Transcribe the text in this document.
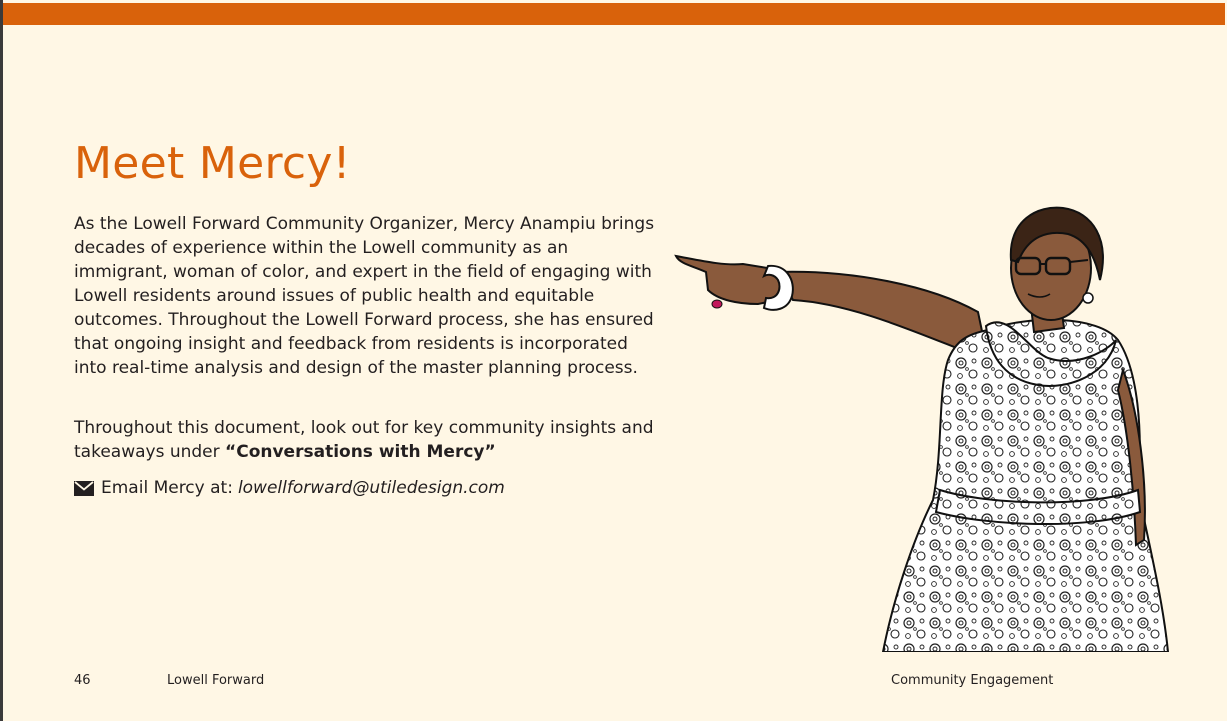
Meet Mercy!

As the Lowell Forward Community Organizer, Mercy Anampiu brings decades of experience within the Lowell community as an immigrant, woman of color, and expert in the field of engaging with Lowell residents around issues of public health and equitable outcomes. Throughout the Lowell Forward process, she has ensured that ongoing insight and feedback from residents is incorporated into real-time analysis and design of the master planning process.

Throughout this document, look out for key community insights and takeaways under “Conversations with Mercy”

Email Mercy at: lowellforward@utiledesign.com
46	Lowell Forward	Community Engagement
